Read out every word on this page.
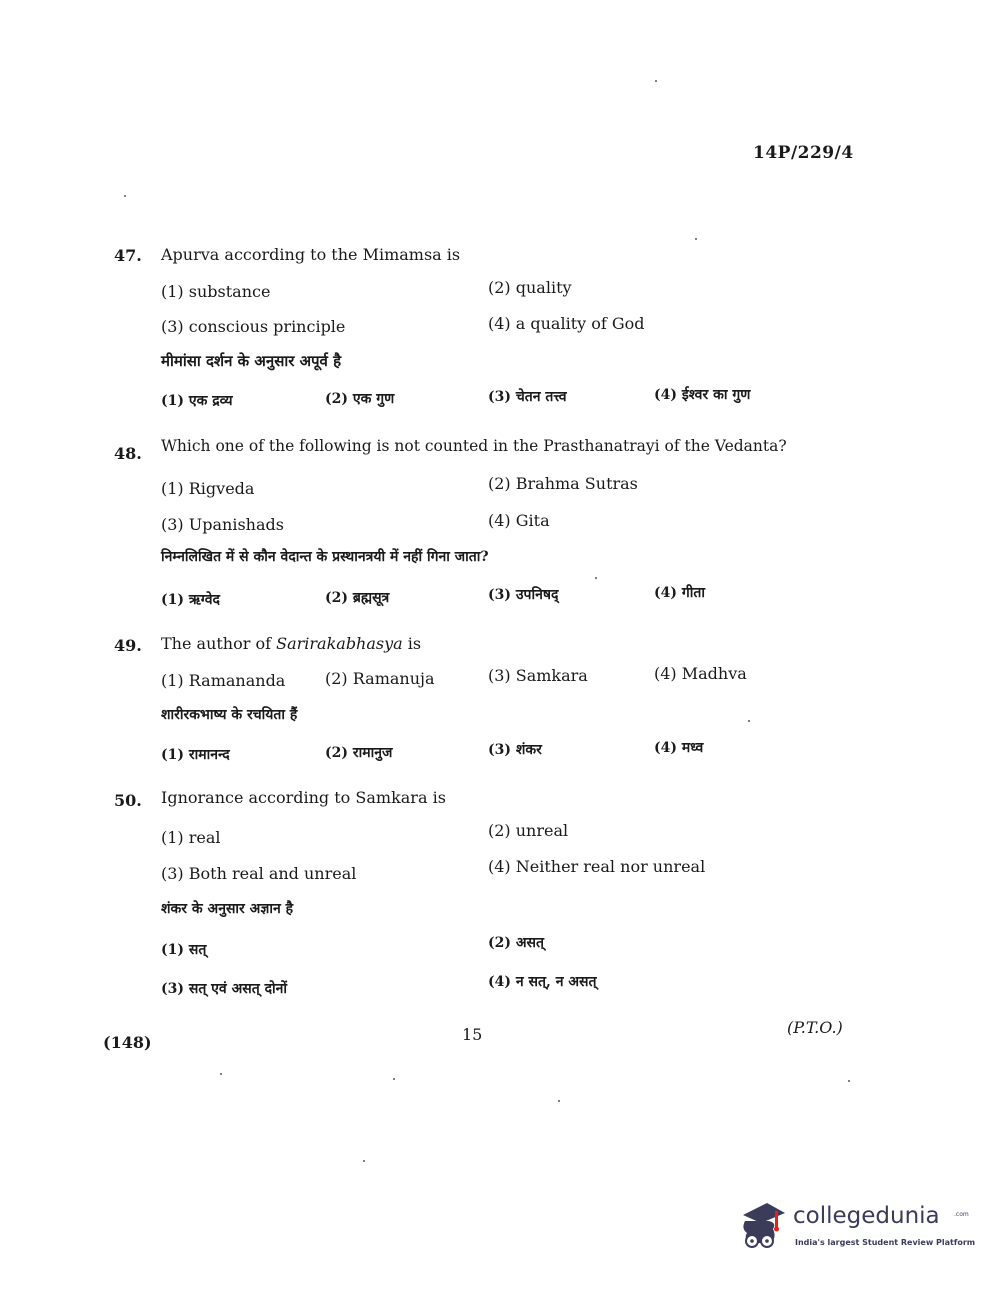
14P/229/4
47. Apurva according to the Mimamsa is
(1) substance	(2) quality
(3) conscious principle	(4) a quality of God
मीमांसा दर्शन के अनुसार अपूर्व है
(1) एक द्रव्य	(2) एक गुण	(3) चेतन तत्त्व	(4) ईश्वर का गुण
48. Which one of the following is not counted in the Prasthanatrayi of the Vedanta?
(1) Rigveda	(2) Brahma Sutras
(3) Upanishads	(4) Gita
निम्नलिखित में से कौन वेदान्त के प्रस्थानत्रयी में नहीं गिना जाता?
(1) ऋग्वेद	(2) ब्रह्मसूत्र	(3) उपनिषद्	(4) गीता
49. The author of Sarirakabhasya is
(1) Ramananda (2) Ramanuja	(3) Samkara	(4) Madhva
शारीरकभाष्य के रचयिता हैं
(1) रामानन्द	(2) रामानुज	(3) शंकर	(4) मध्व
50. Ignorance according to Samkara is
(1) real	(2) unreal
(3) Both real and unreal	(4) Neither real nor unreal
शंकर के अनुसार अज्ञान है
(1) सत्	(2) असत्
(3) सत् एवं असत् दोनों	(4) न सत्, न असत्
(148)	15	(P.T.O.)
collegedunia .com
India's largest Student Review Platform
